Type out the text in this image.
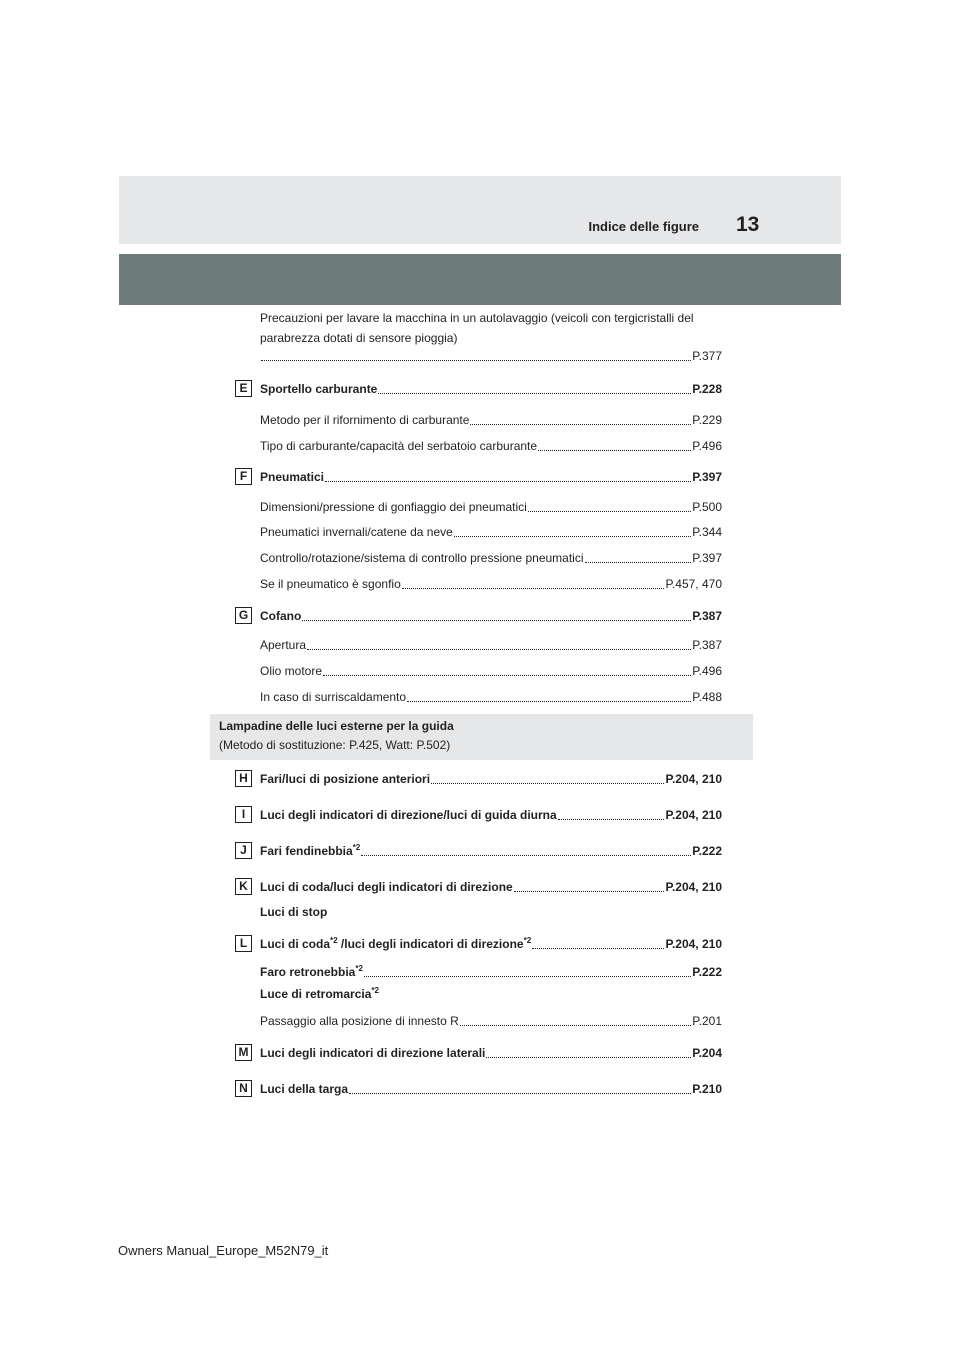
Indice delle figure 13
Precauzioni per lavare la macchina in un autolavaggio (veicoli con tergicristalli del
parabrezza dotati di sensore pioggia)
P.377
E	Sportello carburante	P.228
Metodo per il rifornimento di carburante	P.229
Tipo di carburante/capacità del serbatoio carburante	P.496
F	Pneumatici	P.397
Dimensioni/pressione di gonfiaggio dei pneumatici	P.500
Pneumatici invernali/catene da neve	P.344
Controllo/rotazione/sistema di controllo pressione pneumatici	P.397
Se il pneumatico è sgonfio	P.457, 470
G Cofano	P.387
Apertura	P.387
Olio motore	P.496
In caso di surriscaldamento	P.488
Lampadine delle luci esterne per la guida
(Metodo di sostituzione: P.425, Watt: P.502)
H	Fari/luci di posizione anteriori	P.204, 210
I	Luci degli indicatori di direzione/luci di guida diurna	P.204, 210
J	Fari fendinebbia$^{*2}$	P.222
K	Luci di coda/luci degli indicatori di direzione	P.204, 210
Luci di stop
L	Luci di coda$^{*2}$ /luci degli indicatori di direzione$^{*2}$	P.204, 210
Faro retronebbia$^{*2}$	P.222
Luce di retromarcia$^{*2}$
Passaggio alla posizione di innesto R	P.201
M Luci degli indicatori di direzione laterali	P.204
N	Luci della targa	P.210
Owners Manual_Europe_M52N79_it
